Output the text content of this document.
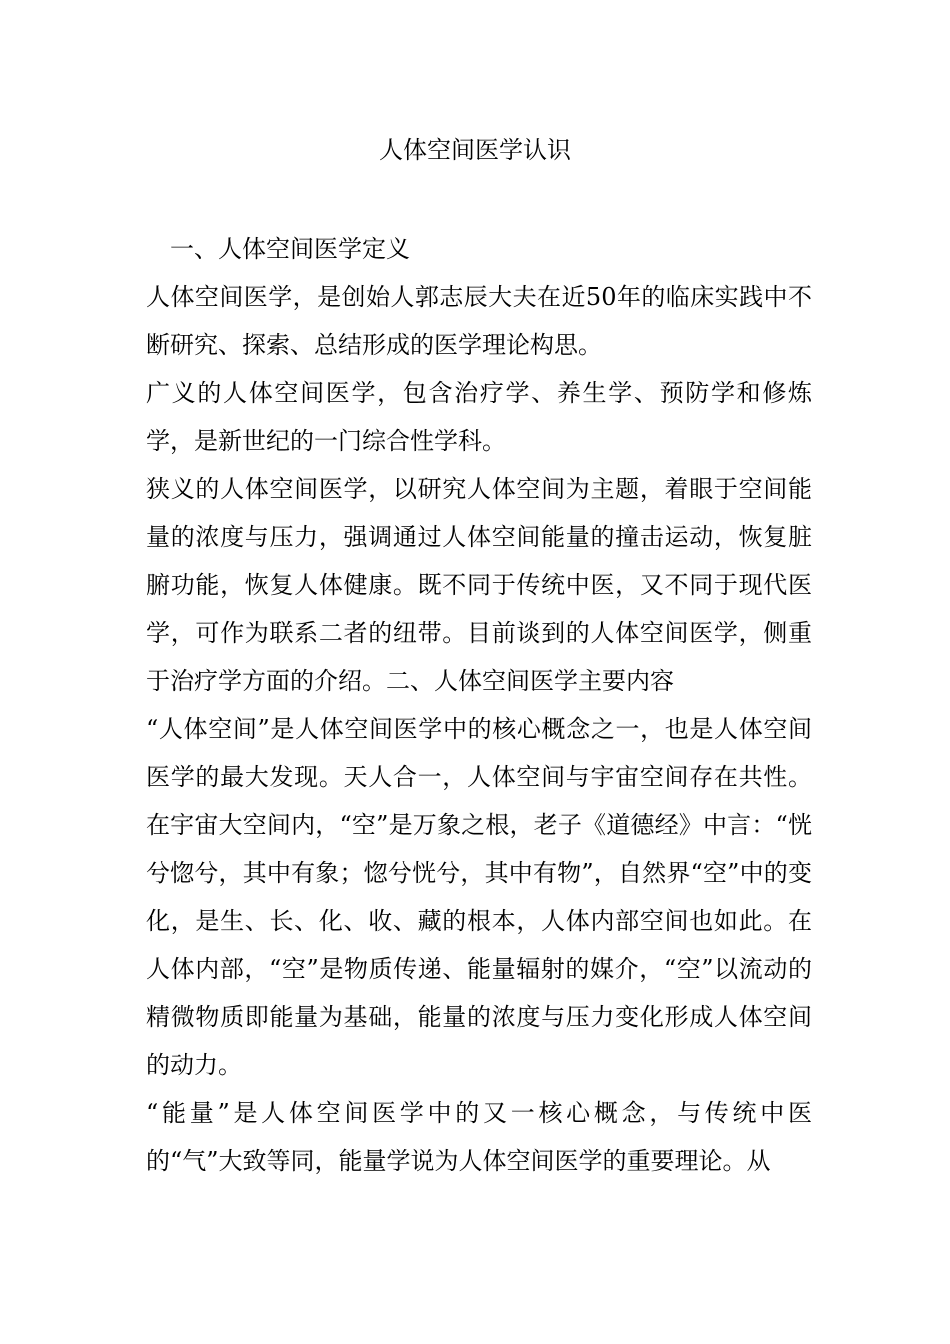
人体空间医学认识

一、人体空间医学定义

人体空间医学，是创始人郭志辰大夫在近50年的临床实践中不断研究、探索、总结形成的医学理论构思。

广义的人体空间医学，包含治疗学、养生学、预防学和修炼学，是新世纪的一门综合性学科。

狭义的人体空间医学，以研究人体空间为主题，着眼于空间能量的浓度与压力，强调通过人体空间能量的撞击运动，恢复脏腑功能，恢复人体健康。既不同于传统中医，又不同于现代医学，可作为联系二者的纽带。目前谈到的人体空间医学，侧重于治疗学方面的介绍。二、人体空间医学主要内容

“人体空间”是人体空间医学中的核心概念之一，也是人体空间医学的最大发现。天人合一，人体空间与宇宙空间存在共性。在宇宙大空间内，“空”是万象之根，老子《道德经》中言：“恍兮惚兮，其中有象；惚兮恍兮，其中有物”，自然界“空”中的变化，是生、长、化、收、藏的根本，人体内部空间也如此。在人体内部，“空”是物质传递、能量辐射的媒介，“空”以流动的精微物质即能量为基础，能量的浓度与压力变化形成人体空间的动力。

“能量”是人体空间医学中的又一核心概念，与传统中医的“气”大致等同，能量学说为人体空间医学的重要理论。从
